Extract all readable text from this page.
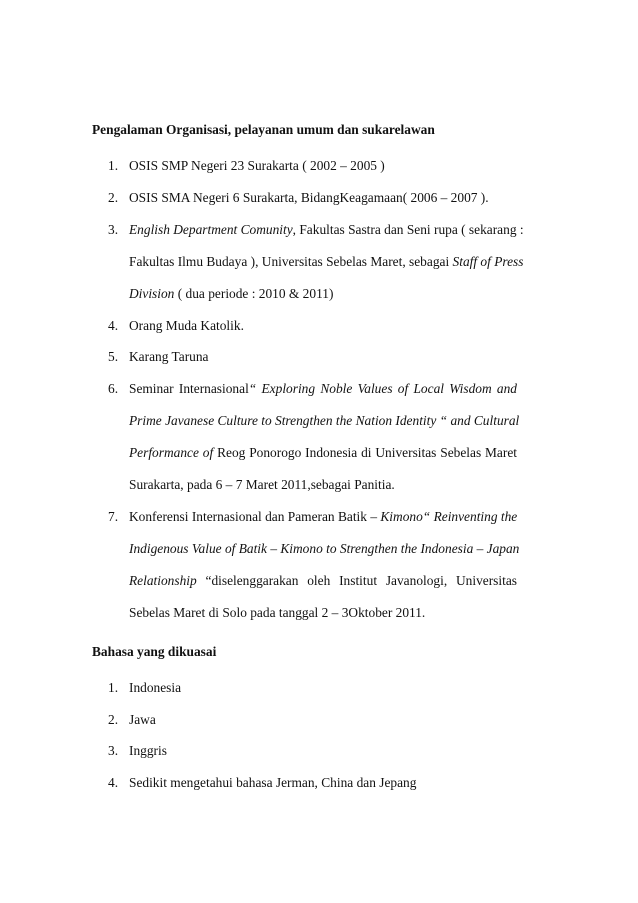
Pengalaman Organisasi, pelayanan umum dan sukarelawan
1. OSIS SMP Negeri 23 Surakarta ( 2002 – 2005 )
2. OSIS SMA Negeri 6 Surakarta, BidangKeagamaan( 2006 – 2007 ).
3. English Department Comunity, Fakultas Sastra dan Seni rupa ( sekarang :
Fakultas Ilmu Budaya ), Universitas Sebelas Maret, sebagai Staff of Press
Division ( dua periode : 2010 & 2011)
4. Orang Muda Katolik.
5. Karang Taruna
6. Seminar Internasional“ Exploring Noble Values of Local Wisdom and
Prime Javanese Culture to Strengthen the Nation Identity “ and Cultural
Performance of Reog Ponorogo Indonesia di Universitas Sebelas Maret
Surakarta, pada 6 – 7 Maret 2011,sebagai Panitia.
7. Konferensi Internasional dan Pameran Batik – Kimono“ Reinventing the
Indigenous Value of Batik – Kimono to Strengthen the Indonesia – Japan
Relationship “diselenggarakan oleh Institut Javanologi, Universitas
Sebelas Maret di Solo pada tanggal 2 – 3Oktober 2011.
Bahasa yang dikuasai
1. Indonesia
2. Jawa
3. Inggris
4. Sedikit mengetahui bahasa Jerman, China dan Jepang
